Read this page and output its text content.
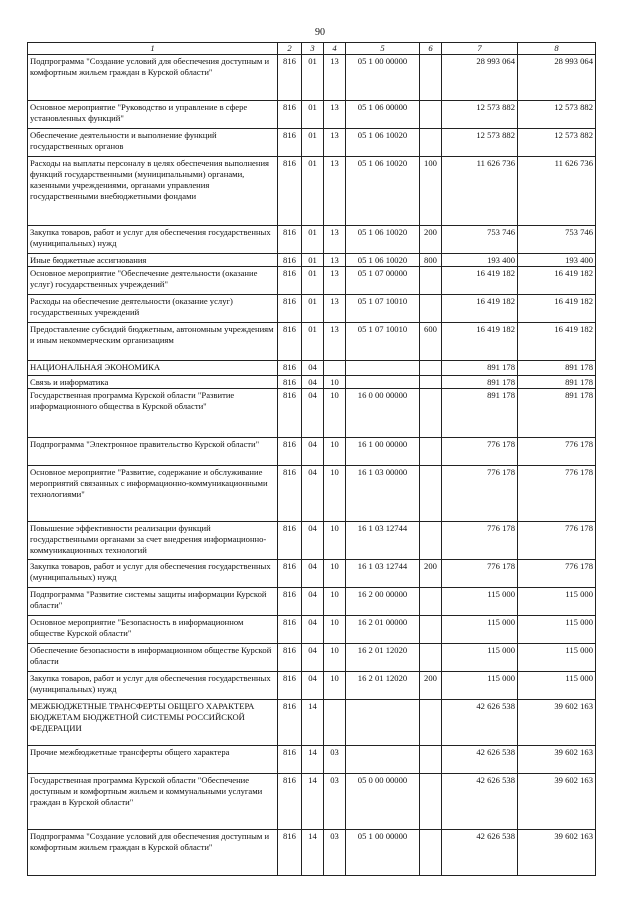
90
1	2	3	4	5	6	7	8
Подпрограмма "Создание условий для обеспечения доступным и комфортным жильем граждан в Курской области"	816	01	13	05 1 00 00000		28 993 064	28 993 064
Основное мероприятие "Руководство и управление в сфере установленных функций"	816	01	13	05 1 06 00000		12 573 882	12 573 882
Обеспечение деятельности и выполнение функций государственных органов	816	01	13	05 1 06 10020		12 573 882	12 573 882
Расходы на выплаты персоналу в целях обеспечения выполнения функций государственными (муниципальными) органами, казенными учреждениями, органами управления государственными внебюджетными фондами	816	01	13	05 1 06 10020	100	11 626 736	11 626 736
Закупка товаров, работ и услуг для обеспечения государственных (муниципальных) нужд	816	01	13	05 1 06 10020	200	753 746	753 746
Иные бюджетные ассигнования	816	01	13	05 1 06 10020	800	193 400	193 400
Основное мероприятие "Обеспечение деятельности (оказание услуг) государственных учреждений"	816	01	13	05 1 07 00000		16 419 182	16 419 182
Расходы на обеспечение деятельности (оказание услуг) государственных учреждений	816	01	13	05 1 07 10010		16 419 182	16 419 182
Предоставление субсидий бюджетным, автономным учреждениям и иным некоммерческим организациям	816	01	13	05 1 07 10010	600	16 419 182	16 419 182
НАЦИОНАЛЬНАЯ ЭКОНОМИКА	816	04				891 178	891 178
Связь и информатика	816	04	10			891 178	891 178
Государственная программа Курской области "Развитие информационного общества в Курской области"	816	04	10	16 0 00 00000		891 178	891 178
Подпрограмма "Электронное правительство Курской области"	816	04	10	16 1 00 00000		776 178	776 178
Основное мероприятие "Развитие, содержание и обслуживание мероприятий связанных с информационно-коммуникационными технологиями"	816	04	10	16 1 03 00000		776 178	776 178
Повышение эффективности реализации функций государственными органами за счет внедрения информационно-коммуникационных технологий	816	04	10	16 1 03 12744		776 178	776 178
Закупка товаров, работ и услуг для обеспечения государственных (муниципальных) нужд	816	04	10	16 1 03 12744	200	776 178	776 178
Подпрограмма "Развитие системы защиты информации Курской области"	816	04	10	16 2 00 00000		115 000	115 000
Основное мероприятие "Безопасность в информационном обществе Курской области"	816	04	10	16 2 01 00000		115 000	115 000
Обеспечение безопасности в информационном обществе Курской области	816	04	10	16 2 01 12020		115 000	115 000
Закупка товаров, работ и услуг для обеспечения государственных (муниципальных) нужд	816	04	10	16 2 01 12020	200	115 000	115 000
МЕЖБЮДЖЕТНЫЕ ТРАНСФЕРТЫ ОБЩЕГО ХАРАКТЕРА БЮДЖЕТАМ БЮДЖЕТНОЙ СИСТЕМЫ РОССИЙСКОЙ ФЕДЕРАЦИИ	816	14				42 626 538	39 602 163
Прочие межбюджетные трансферты общего характера	816	14	03			42 626 538	39 602 163
Государственная программа Курской области "Обеспечение доступным и комфортным жильем и коммунальными услугами граждан в Курской области"	816	14	03	05 0 00 00000		42 626 538	39 602 163
Подпрограмма "Создание условий для обеспечения доступным и комфортным жильем граждан в Курской области"	816	14	03	05 1 00 00000		42 626 538	39 602 163
